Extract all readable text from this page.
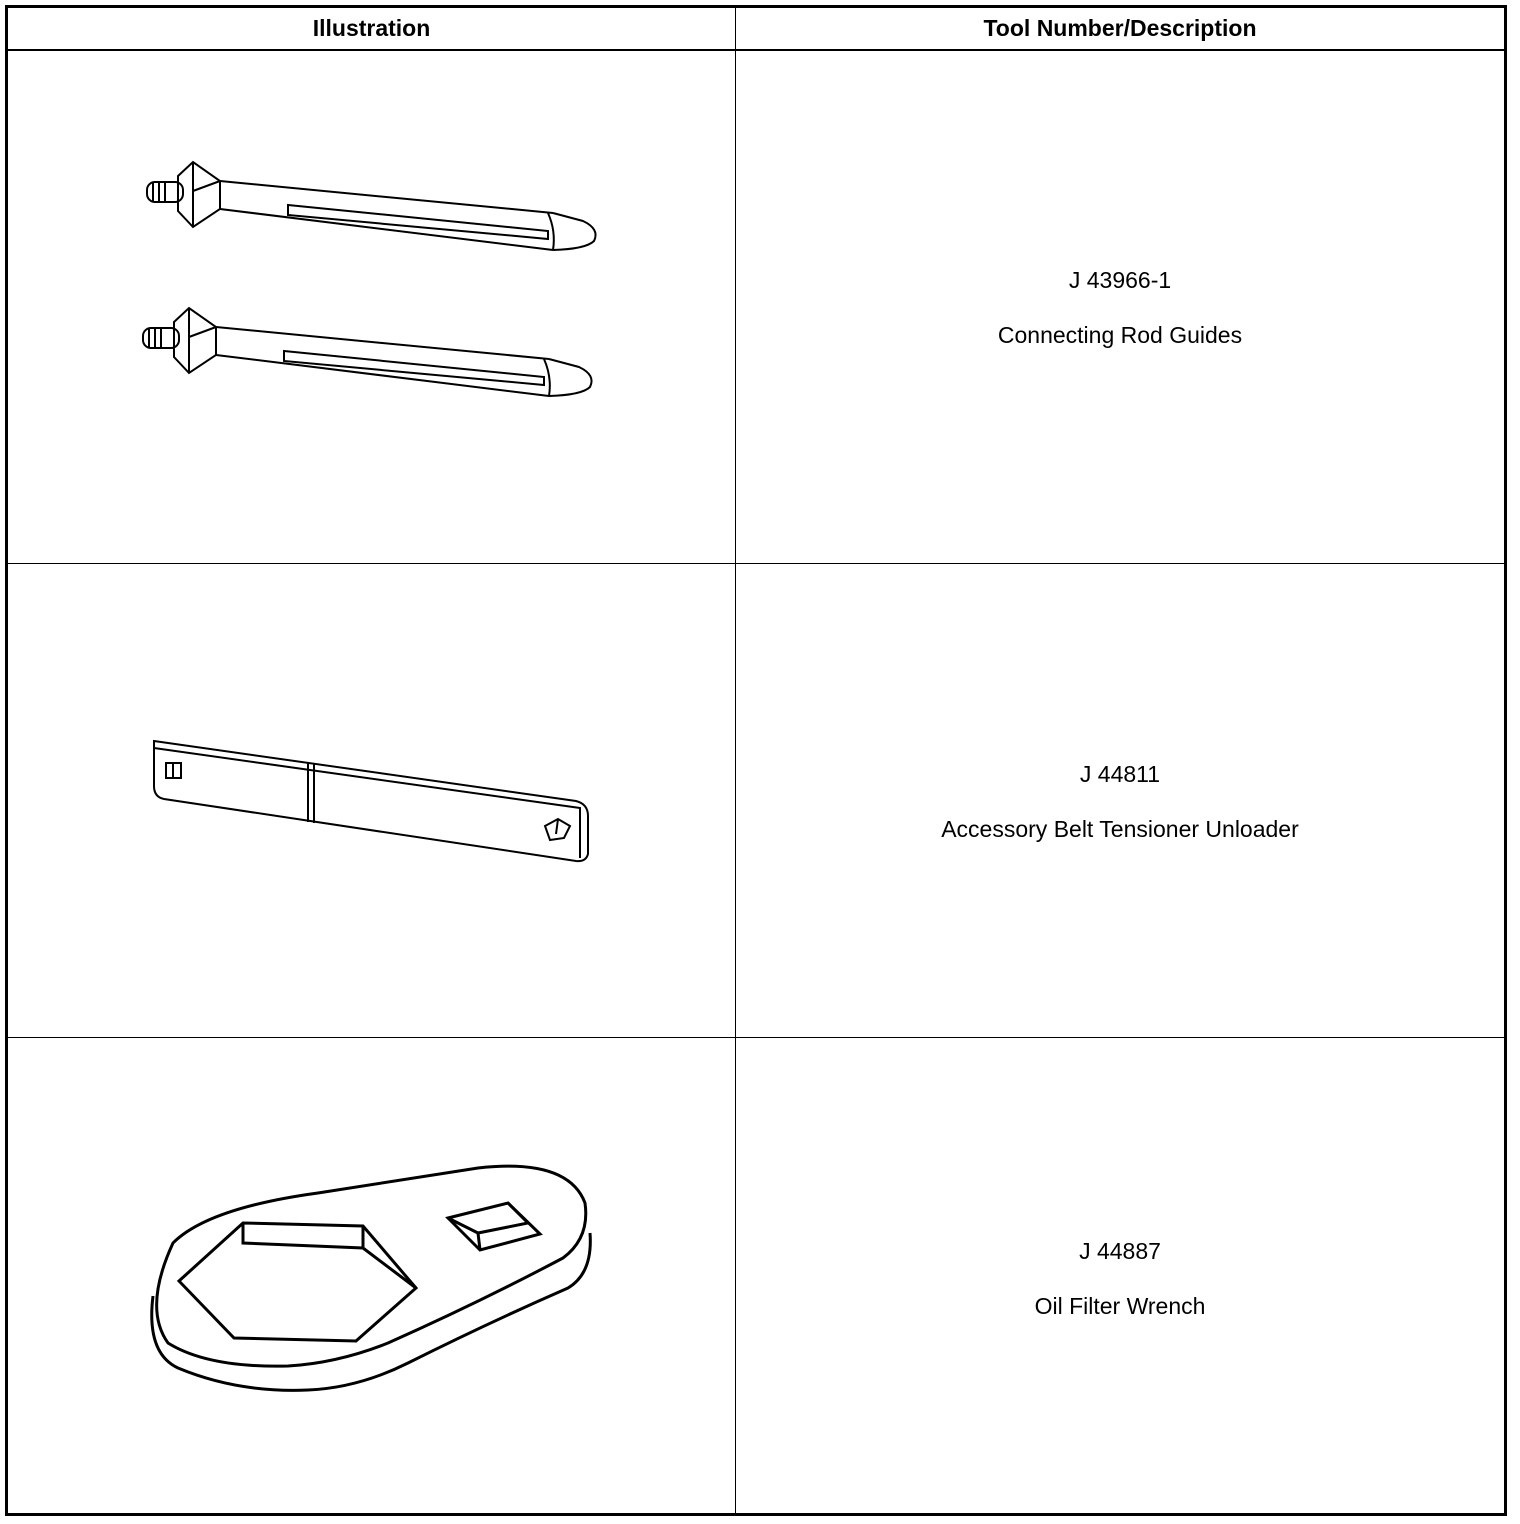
Illustration	Tool Number/Description
J 43966-1
Connecting Rod Guides
J 44811
Accessory Belt Tensioner Unloader
J 44887
Oil Filter Wrench
